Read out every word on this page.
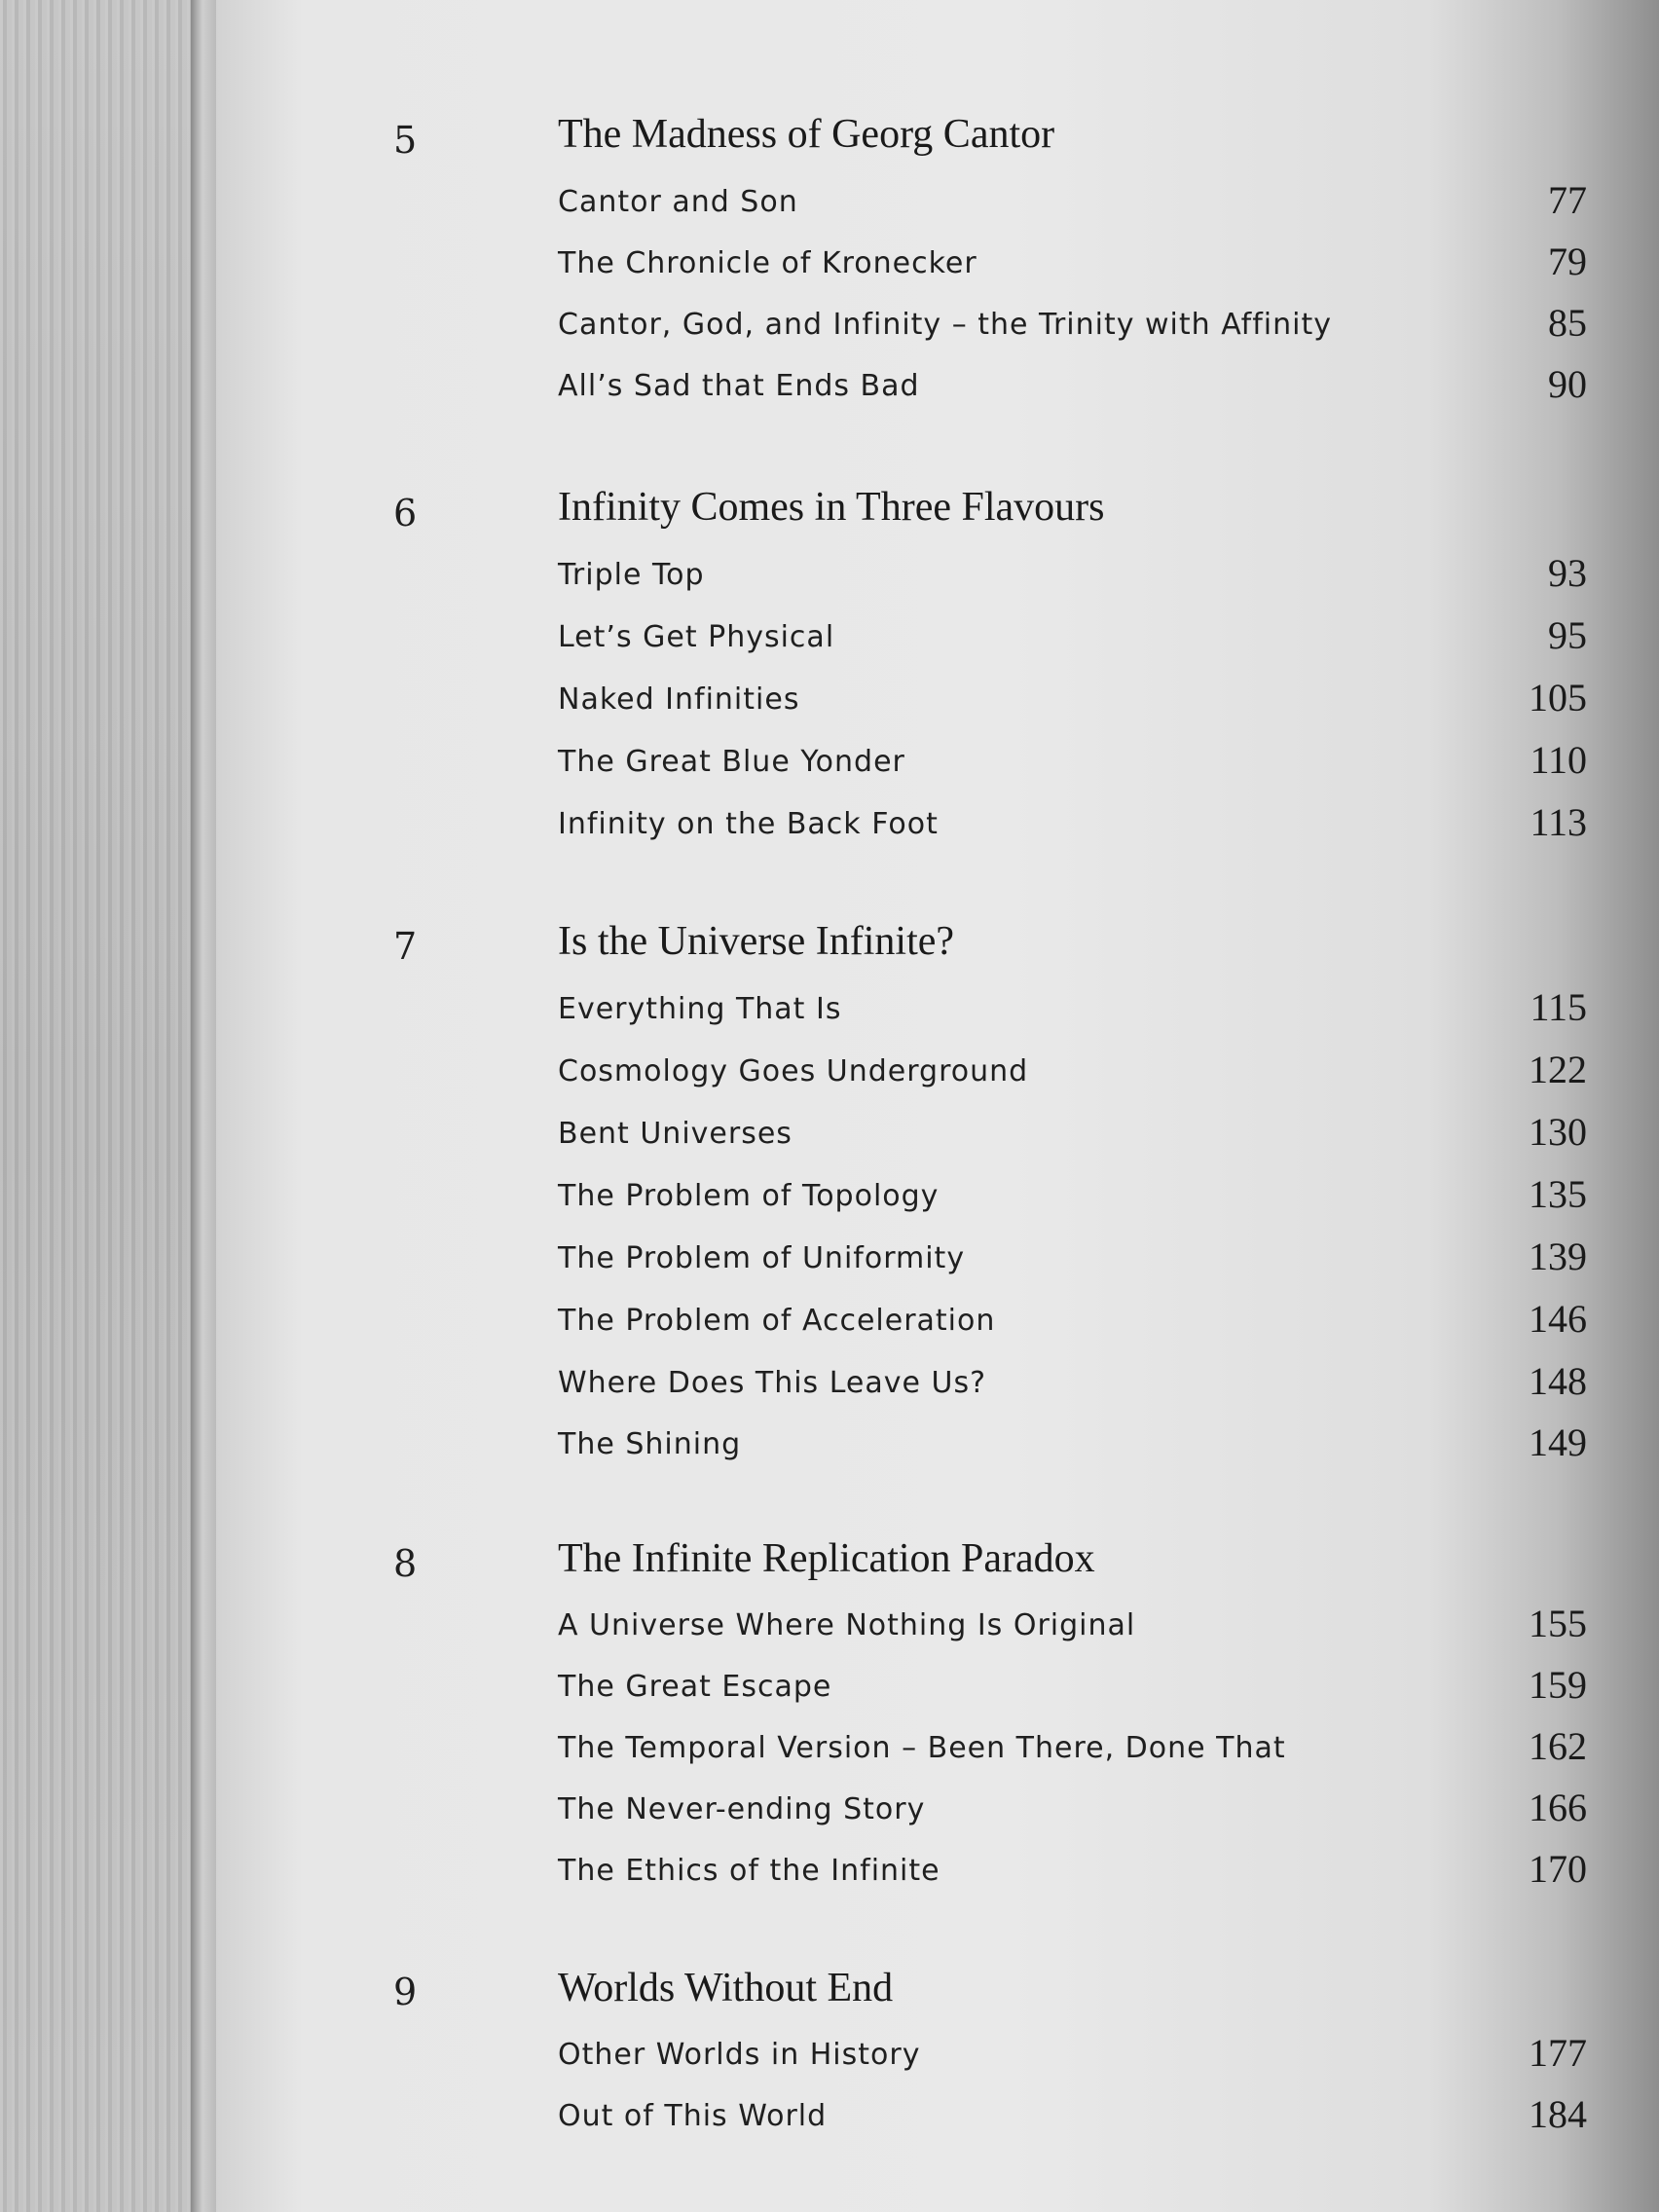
5	The Madness of Georg Cantor
Cantor and Son	77
The Chronicle of Kronecker	79
Cantor, God, and Infinity – the Trinity with Affinity	85
All’s Sad that Ends Bad	90
6	Infinity Comes in Three Flavours
Triple Top	93
Let’s Get Physical	95
Naked Infinities	105
The Great Blue Yonder	110
Infinity on the Back Foot	113
7	Is the Universe Infinite?
Everything That Is	115
Cosmology Goes Underground	122
Bent Universes	130
The Problem of Topology	135
The Problem of Uniformity	139
The Problem of Acceleration	146
Where Does This Leave Us?	148
The Shining	149
8	The Infinite Replication Paradox
A Universe Where Nothing Is Original	155
The Great Escape	159
The Temporal Version – Been There, Done That	162
The Never-ending Story	166
The Ethics of the Infinite	170
9	Worlds Without End
Other Worlds in History	177
Out of This World	184
